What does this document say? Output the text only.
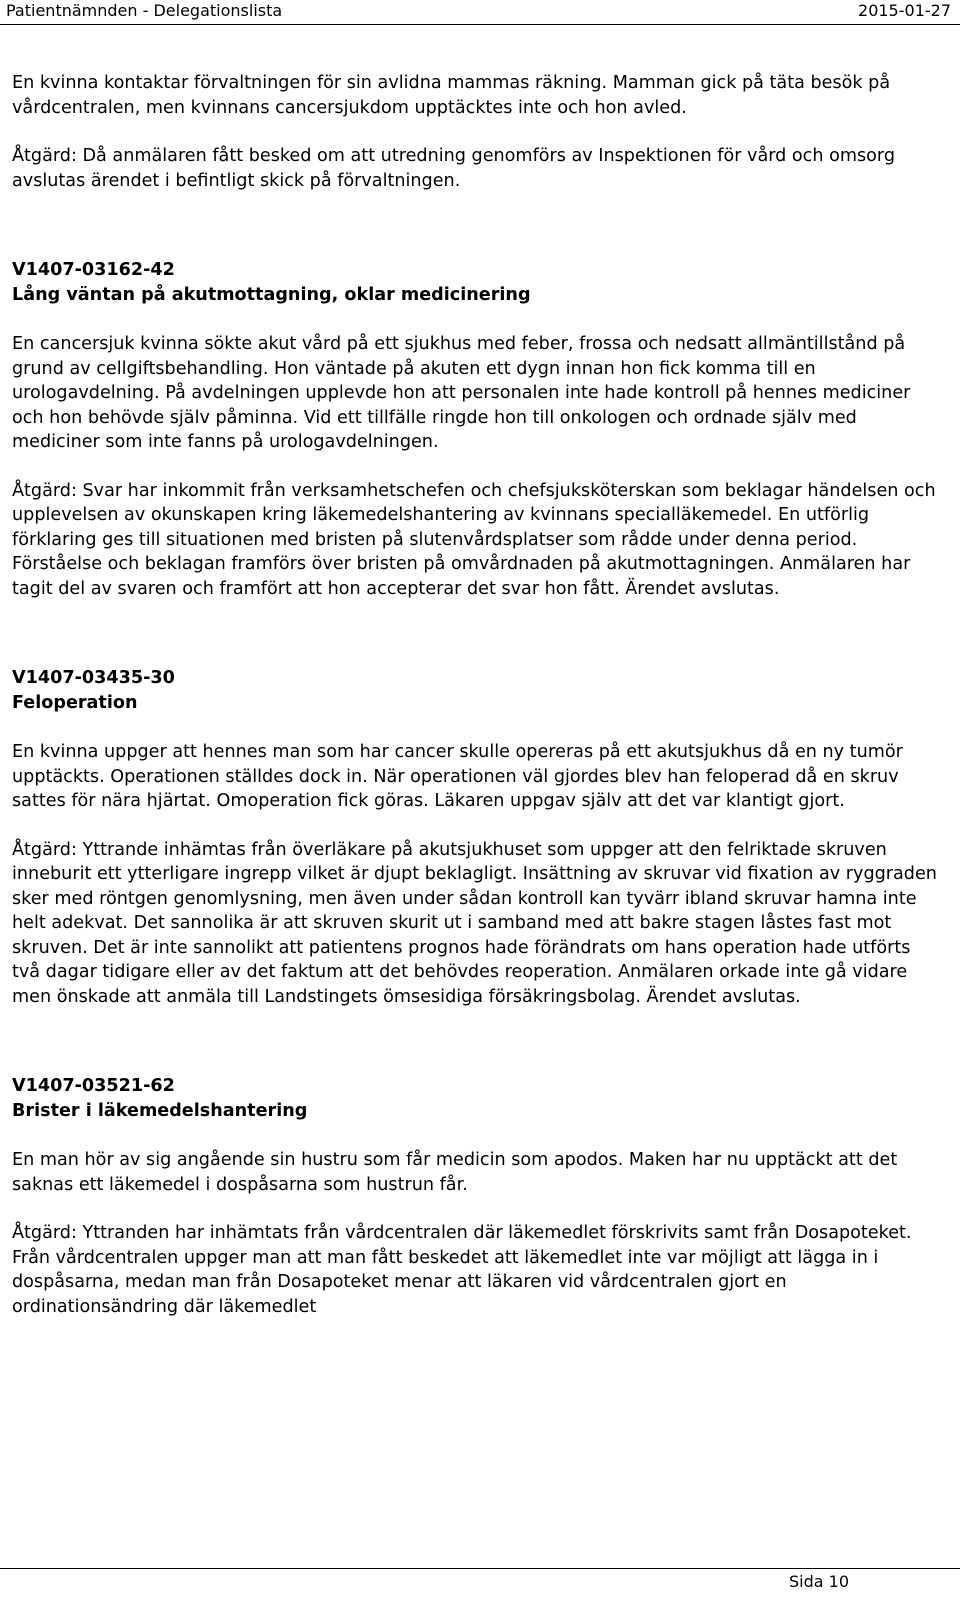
Patientnämnden - Delegationslista	2015-01-27

En kvinna kontaktar förvaltningen för sin avlidna mammas räkning. Mamman gick på täta besök på vårdcentralen, men kvinnans cancersjukdom upptäcktes inte och hon avled.

Åtgärd: Då anmälaren fått besked om att utredning genomförs av Inspektionen för vård och omsorg avslutas ärendet i befintligt skick på förvaltningen.

V1407-03162-42
Lång väntan på akutmottagning, oklar medicinering

En cancersjuk kvinna sökte akut vård på ett sjukhus med feber, frossa och nedsatt allmäntillstånd på grund av cellgiftsbehandling. Hon väntade på akuten ett dygn innan hon fick komma till en urologavdelning. På avdelningen upplevde hon att personalen inte hade kontroll på hennes mediciner och hon behövde själv påminna. Vid ett tillfälle ringde hon till onkologen och ordnade själv med mediciner som inte fanns på urologavdelningen.

Åtgärd: Svar har inkommit från verksamhetschefen och chefsjuksköterskan som beklagar händelsen och upplevelsen av okunskapen kring läkemedelshantering av kvinnans specialläkemedel. En utförlig förklaring ges till situationen med bristen på slutenvårdsplatser som rådde under denna period. Förståelse och beklagan framförs över bristen på omvårdnaden på akutmottagningen. Anmälaren har tagit del av svaren och framfört att hon accepterar det svar hon fått. Ärendet avslutas.

V1407-03435-30
Feloperation

En kvinna uppger att hennes man som har cancer skulle opereras på ett akutsjukhus då en ny tumör upptäckts. Operationen ställdes dock in. När operationen väl gjordes blev han feloperad då en skruv sattes för nära hjärtat. Omoperation fick göras. Läkaren uppgav själv att det var klantigt gjort.

Åtgärd: Yttrande inhämtas från överläkare på akutsjukhuset som uppger att den felriktade skruven inneburit ett ytterligare ingrepp vilket är djupt beklagligt. Insättning av skruvar vid fixation av ryggraden sker med röntgen genomlysning, men även under sådan kontroll kan tyvärr ibland skruvar hamna inte helt adekvat. Det sannolika är att skruven skurit ut i samband med att bakre stagen låstes fast mot skruven. Det är inte sannolikt att patientens prognos hade förändrats om hans operation hade utförts två dagar tidigare eller av det faktum att det behövdes reoperation. Anmälaren orkade inte gå vidare men önskade att anmäla till Landstingets ömsesidiga försäkringsbolag. Ärendet avslutas.

V1407-03521-62
Brister i läkemedelshantering

En man hör av sig angående sin hustru som får medicin som apodos. Maken har nu upptäckt att det saknas ett läkemedel i dospåsarna som hustrun får.

Åtgärd: Yttranden har inhämtats från vårdcentralen där läkemedlet förskrivits samt från Dosapoteket. Från vårdcentralen uppger man att man fått beskedet att läkemedlet inte var möjligt att lägga in i dospåsarna, medan man från Dosapoteket menar att läkaren vid vårdcentralen gjort en ordinationsändring där läkemedlet

Sida 10
